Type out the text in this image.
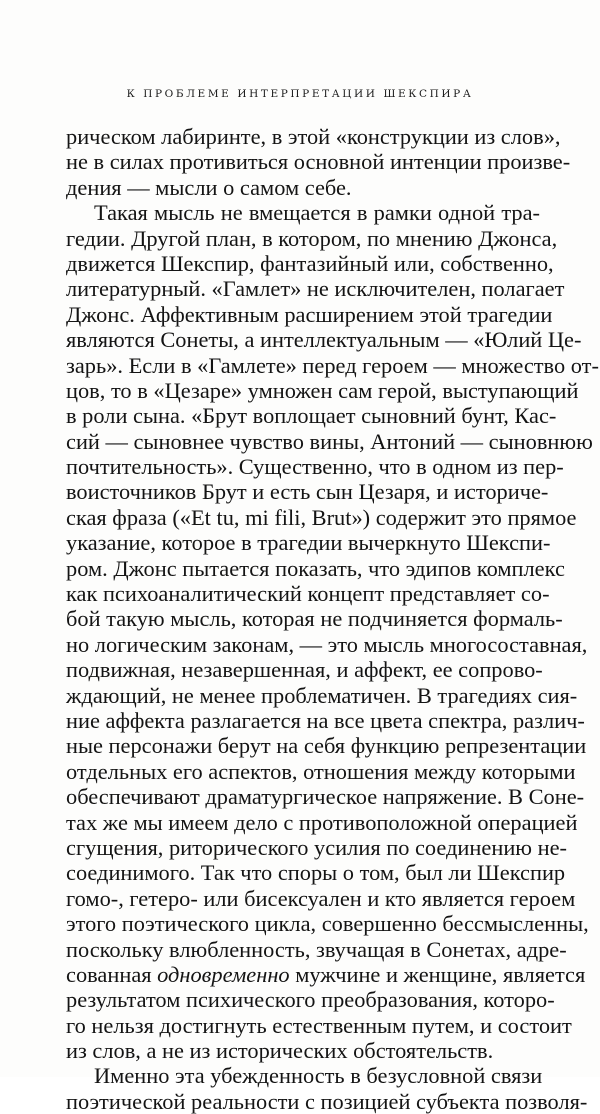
К ПРОБЛЕМЕ ИНТЕРПРЕТАЦИИ ШЕКСПИРА
рическом лабиринте, в этой «конструкции из слов»,
не в силах противиться основной интенции произве-
дения — мысли о самом себе.
Такая мысль не вмещается в рамки одной тра-
гедии. Другой план, в котором, по мнению Джонса,
движется Шекспир, фантазийный или, собственно,
литературный. «Гамлет» не исключителен, полагает
Джонс. Аффективным расширением этой трагедии
являются Сонеты, а интеллектуальным — «Юлий Це-
зарь». Если в «Гамлете» перед героем — множество от-
цов, то в «Цезаре» умножен сам герой, выступающий
в роли сына. «Брут воплощает сыновний бунт, Кас-
сий — сыновнее чувство вины, Антоний — сыновнюю
почтительность». Существенно, что в одном из пер-
воисточников Брут и есть сын Цезаря, и историче-
ская фраза («Et tu, mi fili, Brut») содержит это прямое
указание, которое в трагедии вычеркнуто Шекспи-
ром. Джонс пытается показать, что эдипов комплекс
как психоаналитический концепт представляет со-
бой такую мысль, которая не подчиняется формаль-
но логическим законам, — это мысль многосоставная,
подвижная, незавершенная, и аффект, ее сопрово-
ждающий, не менее проблематичен. В трагедиях сия-
ние аффекта разлагается на все цвета спектра, различ-
ные персонажи берут на себя функцию репрезентации
отдельных его аспектов, отношения между которыми
обеспечивают драматургическое напряжение. В Соне-
тах же мы имеем дело с противоположной операцией
сгущения, риторического усилия по соединению не-
соединимого. Так что споры о том, был ли Шекспир
гомо-, гетеро- или бисексуален и кто является героем
этого поэтического цикла, совершенно бессмысленны,
поскольку влюбленность, звучащая в Сонетах, адре-
сованная одновременно мужчине и женщине, является
результатом психического преобразования, которо-
го нельзя достигнуть естественным путем, и состоит
из слов, а не из исторических обстоятельств.
Именно эта убежденность в безусловной связи
поэтической реальности с позицией субъекта позволя-
